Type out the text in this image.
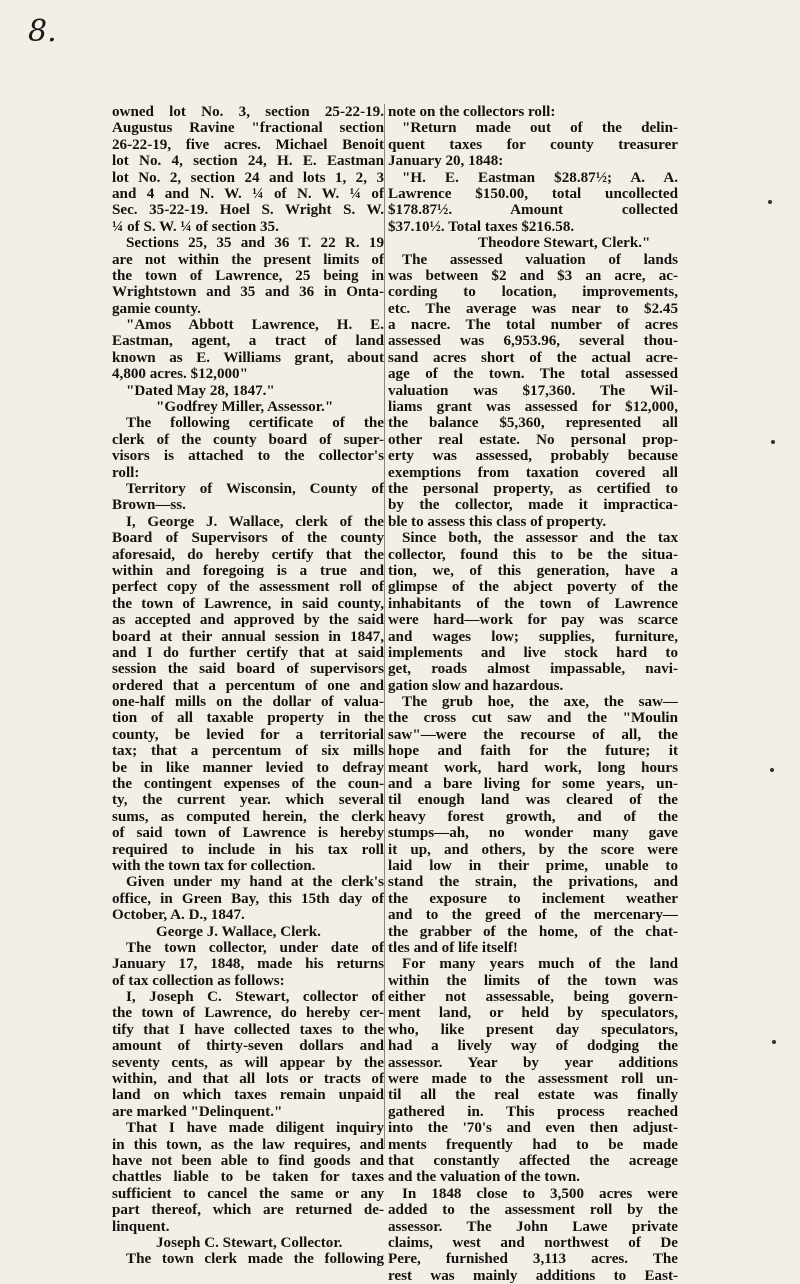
8.
owned lot No. 3, section 25-22-19.
Augustus Ravine "fractional section
26-22-19, five acres. Michael Benoit
lot No. 4, section 24, H. E. Eastman
lot No. 2, section 24 and lots 1, 2, 3
and 4 and N. W. ¼ of N. W. ¼ of
Sec. 35-22-19. Hoel S. Wright S. W.
¼ of S. W. ¼ of section 35.
Sections 25, 35 and 36 T. 22 R. 19
are not within the present limits of
the town of Lawrence, 25 being in
Wrightstown and 35 and 36 in Onta-
gamie county.
"Amos Abbott Lawrence, H. E.
Eastman, agent, a tract of land
known as E. Williams grant, about
4,800 acres. $12,000"
"Dated May 28, 1847."
"Godfrey Miller, Assessor."
The following certificate of the
clerk of the county board of super-
visors is attached to the collector's
roll:
Territory of Wisconsin, County of
Brown—ss.
I, George J. Wallace, clerk of the
Board of Supervisors of the county
aforesaid, do hereby certify that the
within and foregoing is a true and
perfect copy of the assessment roll of
the town of Lawrence, in said county,
as accepted and approved by the said
board at their annual session in 1847,
and I do further certify that at said
session the said board of supervisors
ordered that a percentum of one and
one-half mills on the dollar of valua-
tion of all taxable property in the
county, be levied for a territorial
tax; that a percentum of six mills
be in like manner levied to defray
the contingent expenses of the coun-
ty, the current year. which several
sums, as computed herein, the clerk
of said town of Lawrence is hereby
required to include in his tax roll
with the town tax for collection.
Given under my hand at the clerk's
office, in Green Bay, this 15th day of
October, A. D., 1847.
George J. Wallace, Clerk.
The town collector, under date of
January 17, 1848, made his returns
of tax collection as follows:
I, Joseph C. Stewart, collector of
the town of Lawrence, do hereby cer-
tify that I have collected taxes to the
amount of thirty-seven dollars and
seventy cents, as will appear by the
within, and that all lots or tracts of
land on which taxes remain unpaid
are marked "Delinquent."
That I have made diligent inquiry
in this town, as the law requires, and
have not been able to find goods and
chattles liable to be taken for taxes
sufficient to cancel the same or any
part thereof, which are returned de-
linquent.
Joseph C. Stewart, Collector.
The town clerk made the following
note on the collectors roll:
"Return made out of the delin-
quent taxes for county treasurer
January 20, 1848:
"H. E. Eastman $28.87½; A. A.
Lawrence $150.00, total uncollected
$178.87½. Amount collected
$37.10½. Total taxes $216.58.
Theodore Stewart, Clerk."
The assessed valuation of lands
was between $2 and $3 an acre, ac-
cording to location, improvements,
etc. The average was near to $2.45
a nacre. The total number of acres
assessed was 6,953.96, several thou-
sand acres short of the actual acre-
age of the town. The total assessed
valuation was $17,360. The Wil-
liams grant was assessed for $12,000,
the balance $5,360, represented all
other real estate. No personal prop-
erty was assessed, probably because
exemptions from taxation covered all
the personal property, as certified to
by the collector, made it impractica-
ble to assess this class of property.
Since both, the assessor and the tax
collector, found this to be the situa-
tion, we, of this generation, have a
glimpse of the abject poverty of the
inhabitants of the town of Lawrence
were hard—work for pay was scarce
and wages low; supplies, furniture,
implements and live stock hard to
get, roads almost impassable, navi-
gation slow and hazardous.
The grub hoe, the axe, the saw—
the cross cut saw and the "Moulin
saw"—were the recourse of all, the
hope and faith for the future; it
meant work, hard work, long hours
and a bare living for some years, un-
til enough land was cleared of the
heavy forest growth, and of the
stumps—ah, no wonder many gave
it up, and others, by the score were
laid low in their prime, unable to
stand the strain, the privations, and
the exposure to inclement weather
and to the greed of the mercenary—
the grabber of the home, of the chat-
tles and of life itself!
For many years much of the land
within the limits of the town was
either not assessable, being govern-
ment land, or held by speculators,
who, like present day speculators,
had a lively way of dodging the
assessor. Year by year additions
were made to the assessment roll un-
til all the real estate was finally
gathered in. This process reached
into the '70's and even then adjust-
ments frequently had to be made
that constantly affected the acreage
and the valuation of the town.
In 1848 close to 3,500 acres were
added to the assessment roll by the
assessor. The John Lawe private
claims, west and northwest of De
Pere, furnished 3,113 acres. The
rest was mainly additions to East-
